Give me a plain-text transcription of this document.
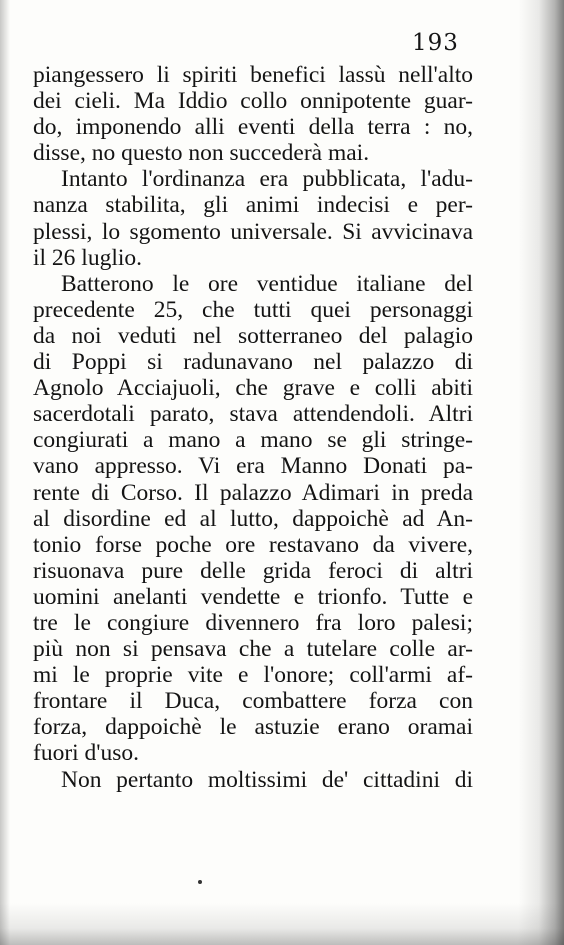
193
piangessero li spiriti benefici lassù nell'alto
dei cieli. Ma Iddio collo onnipotente guar-
do, imponendo alli eventi della terra : no,
disse, no questo non succederà mai.
Intanto l'ordinanza era pubblicata, l'adu-
nanza stabilita, gli animi indecisi e per-
plessi, lo sgomento universale. Si avvicinava
il 26 luglio.
Batterono le ore ventidue italiane del
precedente 25, che tutti quei personaggi
da noi veduti nel sotterraneo del palagio
di Poppi si radunavano nel palazzo di
Agnolo Acciajuoli, che grave e colli abiti
sacerdotali parato, stava attendendoli. Altri
congiurati a mano a mano se gli stringe-
vano appresso. Vi era Manno Donati pa-
rente di Corso. Il palazzo Adimari in preda
al disordine ed al lutto, dappoichè ad An-
tonio forse poche ore restavano da vivere,
risuonava pure delle grida feroci di altri
uomini anelanti vendette e trionfo. Tutte e
tre le congiure divennero fra loro palesi;
più non si pensava che a tutelare colle ar-
mi le proprie vite e l'onore; coll'armi af-
frontare il Duca, combattere forza con
forza, dappoichè le astuzie erano oramai
fuori d'uso.
Non pertanto moltissimi de' cittadini di
